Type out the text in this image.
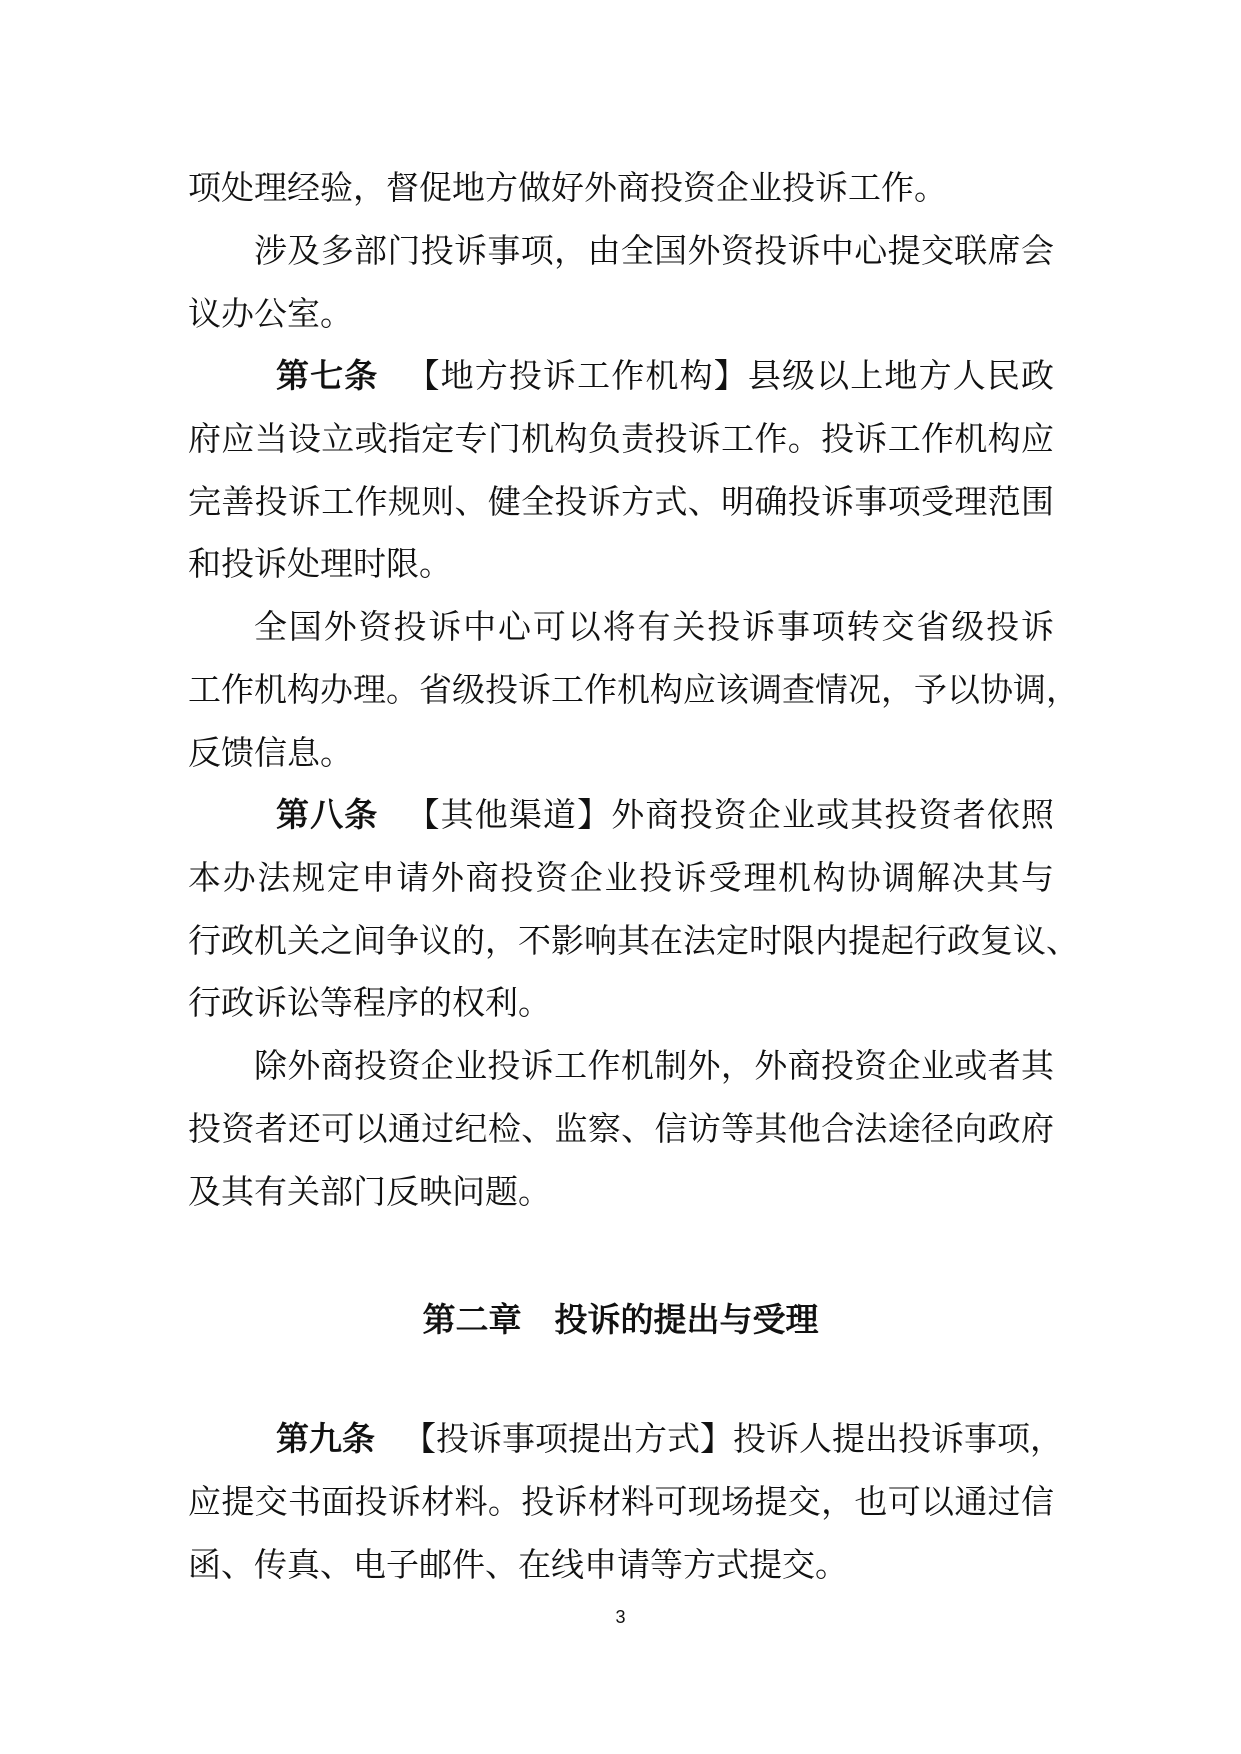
项处理经验，督促地方做好外商投资企业投诉工作。
涉及多部门投诉事项，由全国外资投诉中心提交联席会
议办公室。
第七条 【地方投诉工作机构】县级以上地方人民政
府应当设立或指定专门机构负责投诉工作。投诉工作机构应
完善投诉工作规则、健全投诉方式、明确投诉事项受理范围
和投诉处理时限。
全国外资投诉中心可以将有关投诉事项转交省级投诉
工作机构办理。省级投诉工作机构应该调查情况，予以协调，
反馈信息。
第八条 【其他渠道】外商投资企业或其投资者依照
本办法规定申请外商投资企业投诉受理机构协调解决其与
行政机关之间争议的，不影响其在法定时限内提起行政复议、
行政诉讼等程序的权利。
除外商投资企业投诉工作机制外，外商投资企业或者其
投资者还可以通过纪检、监察、信访等其他合法途径向政府
及其有关部门反映问题。
第二章 投诉的提出与受理
第九条 【投诉事项提出方式】投诉人提出投诉事项，
应提交书面投诉材料。投诉材料可现场提交，也可以通过信
函、传真、电子邮件、在线申请等方式提交。
3
